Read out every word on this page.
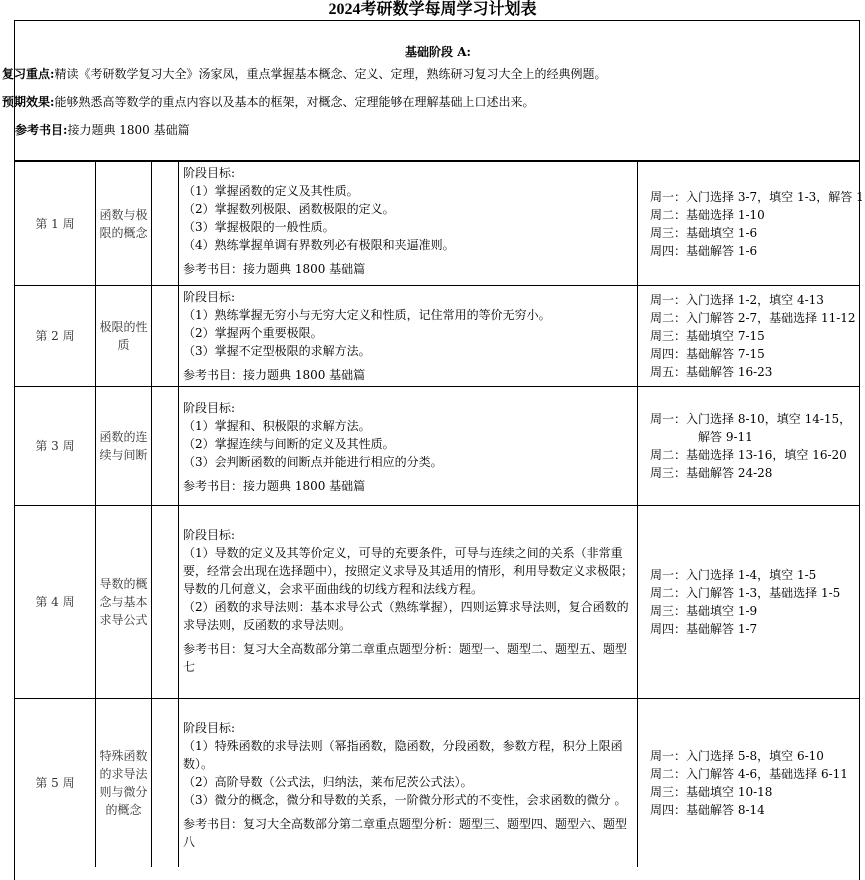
2024考研数学每周学习计划表
基础阶段 A:
复习重点:精读《考研数学复习大全》汤家凤，重点掌握基本概念、定义、定理，熟练研习复习大全上的经典例题。
预期效果:能够熟悉高等数学的重点内容以及基本的框架，对概念、定理能够在理解基础上口述出来。
参考书目:接力题典 1800 基础篇
第 1 周
函数与极限的概念
阶段目标:
（1）掌握函数的定义及其性质。
（2）掌握数列极限、函数极限的定义。
（3）掌握极限的一般性质。
（4）熟练掌握单调有界数列必有极限和夹逼准则。
参考书目：接力题典 1800 基础篇
周一：入门选择 3-7，填空 1-3，解答 1
周二：基础选择 1-10
周三：基础填空 1-6
周四：基础解答 1-6
第 2 周
极限的性质
阶段目标:
（1）熟练掌握无穷小与无穷大定义和性质，记住常用的等价无穷小。
（2）掌握两个重要极限。
（3）掌握不定型极限的求解方法。
参考书目：接力题典 1800 基础篇
周一：入门选择 1-2，填空 4-13
周二：入门解答 2-7，基础选择 11-12
周三：基础填空 7-15
周四：基础解答 7-15
周五：基础解答 16-23
第 3 周
函数的连续与间断
阶段目标:
（1）掌握和、积极限的求解方法。
（2）掌握连续与间断的定义及其性质。
（3）会判断函数的间断点并能进行相应的分类。
参考书目：接力题典 1800 基础篇
周一：入门选择 8-10，填空 14-15，
解答 9-11
周二：基础选择 13-16，填空 16-20
周三：基础解答 24-28
第 4 周
导数的概念与基本求导公式
阶段目标:
（1）导数的定义及其等价定义，可导的充要条件，可导与连续之间的关系（非常重要，经常会出现在选择题中），按照定义求导及其适用的情形，利用导数定义求极限；导数的几何意义，会求平面曲线的切线方程和法线方程。
（2）函数的求导法则：基本求导公式（熟练掌握），四则运算求导法则，复合函数的求导法则，反函数的求导法则。
参考书目：复习大全高数部分第二章重点题型分析：题型一、题型二、题型五、题型七
周一：入门选择 1-4，填空 1-5
周二：入门解答 1-3，基础选择 1-5
周三：基础填空 1-9
周四：基础解答 1-7
第 5 周
特殊函数的求导法则与微分的概念
阶段目标:
（1）特殊函数的求导法则（幂指函数，隐函数，分段函数，参数方程，积分上限函数）。
（2）高阶导数（公式法，归纳法，莱布尼茨公式法）。
（3）微分的概念，微分和导数的关系，一阶微分形式的不变性，会求函数的微分 。
参考书目：复习大全高数部分第二章重点题型分析：题型三、题型四、题型六、题型八
周一：入门选择 5-8，填空 6-10
周二：入门解答 4-6，基础选择 6-11
周三：基础填空 10-18
周四：基础解答 8-14
